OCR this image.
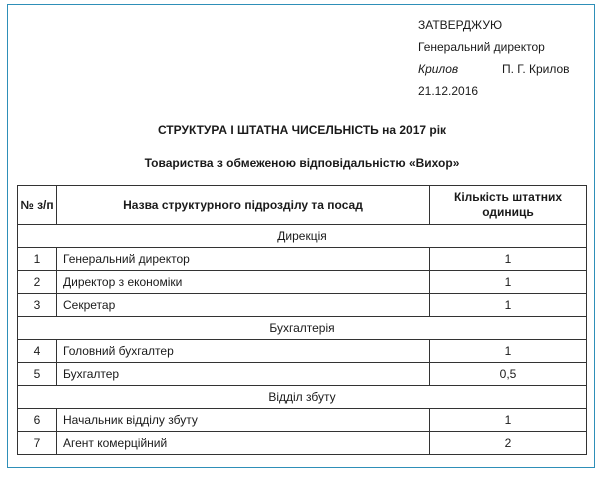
ЗАТВЕРДЖУЮ
Генеральний директор
Крилов	П. Г. Крилов
21.12.2016
СТРУКТУРА І ШТАТНА ЧИСЕЛЬНІСТЬ на 2017 рік
Товариства з обмеженою відповідальністю «Вихор»
№ з/п	Назва структурного підрозділу та посад	Кількість штатних одиниць
Дирекція		
1	Генеральний директор	1
2	Директор з економіки	1
3	Секретар	1
Бухгалтерія		
4	Головний бухгалтер	1
5	Бухгалтер	0,5
Відділ збуту		
6	Начальник відділу збуту	1
7	Агент комерційний	2
